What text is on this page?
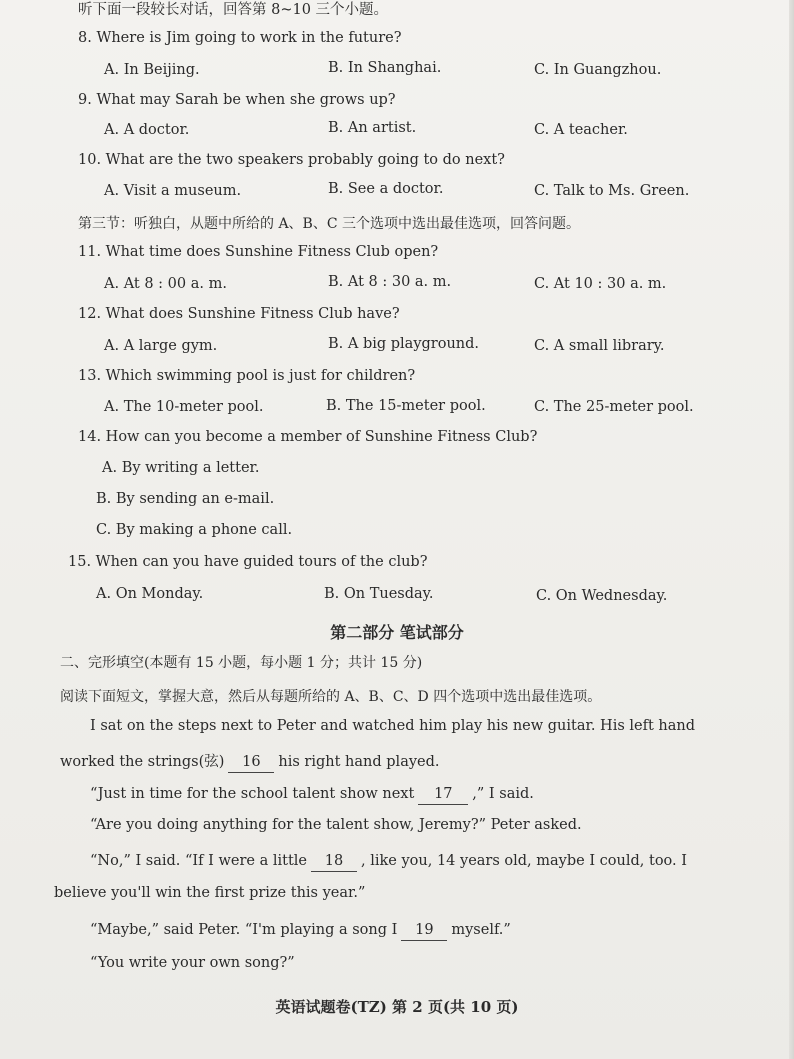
听下面一段较长对话，回答第 8~10 三个小题。
8. Where is Jim going to work in the future?
A. In Beijing.	B. In Shanghai.	C. In Guangzhou.
9. What may Sarah be when she grows up?
A. A doctor.	B. An artist.	C. A teacher.
10. What are the two speakers probably going to do next?
A. Visit a museum.	B. See a doctor.	C. Talk to Ms. Green.
第三节：听独白，从题中所给的 A、B、C 三个选项中选出最佳选项，回答问题。
11. What time does Sunshine Fitness Club open?
A. At 8 : 00 a. m.	B. At 8 : 30 a. m.	C. At 10 : 30 a. m.
12. What does Sunshine Fitness Club have?
A. A large gym.	B. A big playground.	C. A small library.
13. Which swimming pool is just for children?
A. The 10-meter pool.	B. The 15-meter pool.	C. The 25-meter pool.
14. How can you become a member of Sunshine Fitness Club?
A. By writing a letter.
B. By sending an e-mail.
C. By making a phone call.
15. When can you have guided tours of the club?
A. On Monday.	B. On Tuesday.	C. On Wednesday.
第二部分 笔试部分
二、完形填空(本题有 15 小题，每小题 1 分；共计 15 分)
阅读下面短文，掌握大意，然后从每题所给的 A、B、C、D 四个选项中选出最佳选项。
I sat on the steps next to Peter and watched him play his new guitar. His left hand
worked the strings(弦) 16 his right hand played.
“Just in time for the school talent show next 17 ,” I said.
“Are you doing anything for the talent show, Jeremy?” Peter asked.
“No,” I said. “If I were a little 18 , like you, 14 years old, maybe I could, too. I
believe you'll win the first prize this year.”
“Maybe,” said Peter. “I'm playing a song I 19 myself.”
“You write your own song?”
英语试题卷(TZ) 第 2 页(共 10 页)
